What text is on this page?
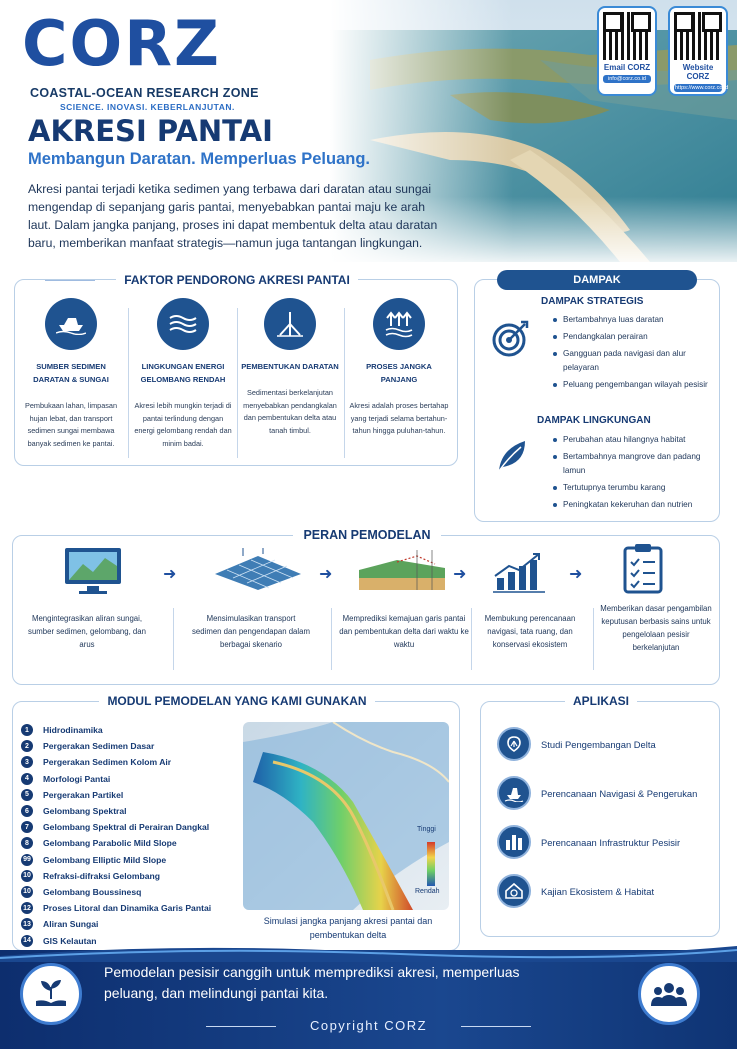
CORZ
COASTAL-OCEAN RESEARCH ZONE
SCIENCE. INOVASI. KEBERLANJUTAN.
Email CORZ
info@corz.co.id
Website CORZ
https://www.corz.co.id
AKRESI PANTAI
Membangun Daratan. Memperluas Peluang.
Akresi pantai terjadi ketika sedimen yang terbawa dari daratan atau sungai mengendap di sepanjang garis pantai, menyebabkan pantai maju ke arah laut. Dalam jangka panjang, proses ini dapat membentuk delta atau daratan baru, memberikan manfaat strategis—namun juga tantangan lingkungan.
FAKTOR PENDORONG AKRESI PANTAI
SUMBER SEDIMEN DARATAN & SUNGAI
Pembukaan lahan, limpasan hujan lebat, dan transport sedimen sungai membawa banyak sedimen ke pantai.
LINGKUNGAN ENERGI GELOMBANG RENDAH
Akresi lebih mungkin terjadi di pantai terlindung dengan energi gelombang rendah dan minim badai.
PEMBENTUKAN DARATAN
Sedimentasi berkelanjutan menyebabkan pendangkalan dan pembentukan delta atau tanah timbul.
PROSES JANGKA PANJANG
Akresi adalah proses bertahap yang terjadi selama bertahun-tahun hingga puluhan-tahun.
DAMPAK
DAMPAK STRATEGIS
Bertambahnya luas daratan
Pendangkalan perairan
Gangguan pada navigasi dan alur pelayaran
Peluang pengembangan wilayah pesisir
DAMPAK LINGKUNGAN
Perubahan atau hilangnya habitat
Bertambahnya mangrove dan padang lamun
Tertutupnya terumbu karang
Peningkatan kekeruhan dan nutrien
PERAN PEMODELAN
➜	➜	➜	➜
Mengintegrasikan aliran sungai, sumber sedimen, gelombang, dan arus
Mensimulasikan transport sedimen dan pengendapan dalam berbagai skenario
Memprediksi kemajuan garis pantai dan pembentukan delta dari waktu ke waktu
Membukung perencanaan navigasi, tata ruang, dan konservasi ekosistem
Memberikan dasar pengambilan keputusan berbasis sains untuk pengelolaan pesisir berkelanjutan
MODUL PEMODELAN YANG KAMI GUNAKAN
1	Hidrodinamika
2	Pergerakan Sedimen Dasar
3	Pergerakan Sedimen Kolom Air
4	Morfologi Pantai
5	Pergerakan Partikel
6	Gelombang Spektral
7	Gelombang Spektral di Perairan Dangkal
8	Gelombang Parabolic Mild Slope
99 Gelombang Elliptic Mild Slope
10 Refraksi-difraksi Gelombang
10 Gelombang Boussinesq
12 Proses Litoral dan Dinamika Garis Pantai
13 Aliran Sungai
14 GIS Kelautan
Tinggi
Rendah
Simulasi jangka panjang akresi pantai dan pembentukan delta
APLIKASI
Studi Pengembangan Delta
Perencanaan Navigasi & Pengerukan
Perencanaan Infrastruktur Pesisir
Kajian Ekosistem & Habitat
Pemodelan pesisir canggih untuk memprediksi akresi, memperluas peluang, dan melindungi pantai kita.
Copyright CORZ
